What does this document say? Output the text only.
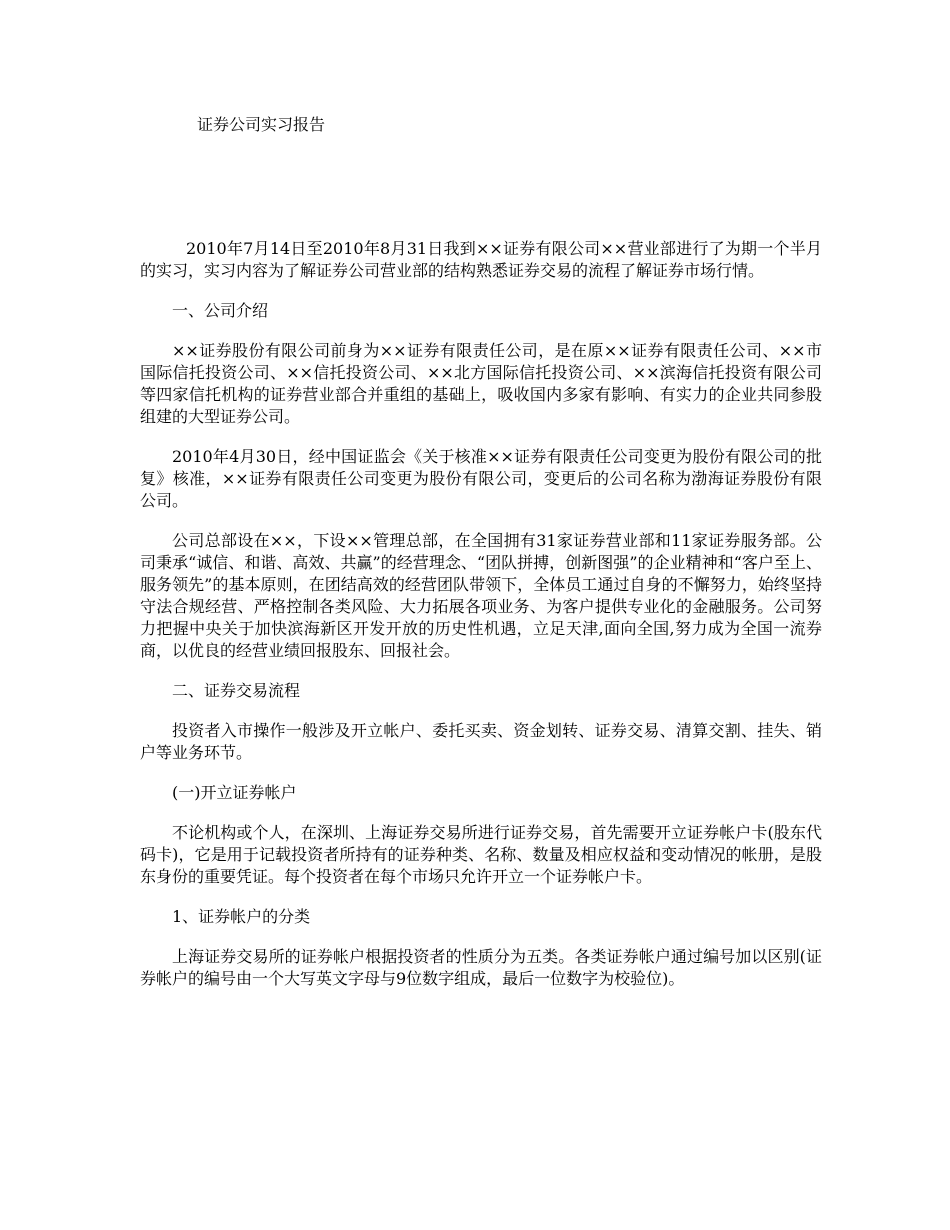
证券公司实习报告

2010年7月14日至2010年8月31日我到××证券有限公司××营业部进行了为期一个半月的实习，实习内容为了解证券公司营业部的结构熟悉证券交易的流程了解证券市场行情。

一、公司介绍

××证券股份有限公司前身为××证券有限责任公司，是在原××证券有限责任公司、××市国际信托投资公司、××信托投资公司、××北方国际信托投资公司、××滨海信托投资有限公司等四家信托机构的证券营业部合并重组的基础上，吸收国内多家有影响、有实力的企业共同参股组建的大型证券公司。

2010年4月30日，经中国证监会《关于核准××证券有限责任公司变更为股份有限公司的批复》核准，××证券有限责任公司变更为股份有限公司，变更后的公司名称为渤海证券股份有限公司。

公司总部设在××，下设××管理总部，在全国拥有31家证券营业部和11家证券服务部。公司秉承“诚信、和谐、高效、共赢”的经营理念、“团队拼搏，创新图强”的企业精神和“客户至上、服务领先”的基本原则，在团结高效的经营团队带领下，全体员工通过自身的不懈努力，始终坚持守法合规经营、严格控制各类风险、大力拓展各项业务、为客户提供专业化的金融服务。公司努力把握中央关于加快滨海新区开发开放的历史性机遇，立足天津,面向全国,努力成为全国一流券商，以优良的经营业绩回报股东、回报社会。

二、证券交易流程

投资者入市操作一般涉及开立帐户、委托买卖、资金划转、证券交易、清算交割、挂失、销户等业务环节。

(一)开立证券帐户

不论机构或个人，在深圳、上海证券交易所进行证券交易，首先需要开立证券帐户卡(股东代码卡)，它是用于记载投资者所持有的证券种类、名称、数量及相应权益和变动情况的帐册，是股东身份的重要凭证。每个投资者在每个市场只允许开立一个证券帐户卡。

1、证券帐户的分类

上海证券交易所的证券帐户根据投资者的性质分为五类。各类证券帐户通过编号加以区别(证券帐户的编号由一个大写英文字母与9位数字组成，最后一位数字为校验位)。
